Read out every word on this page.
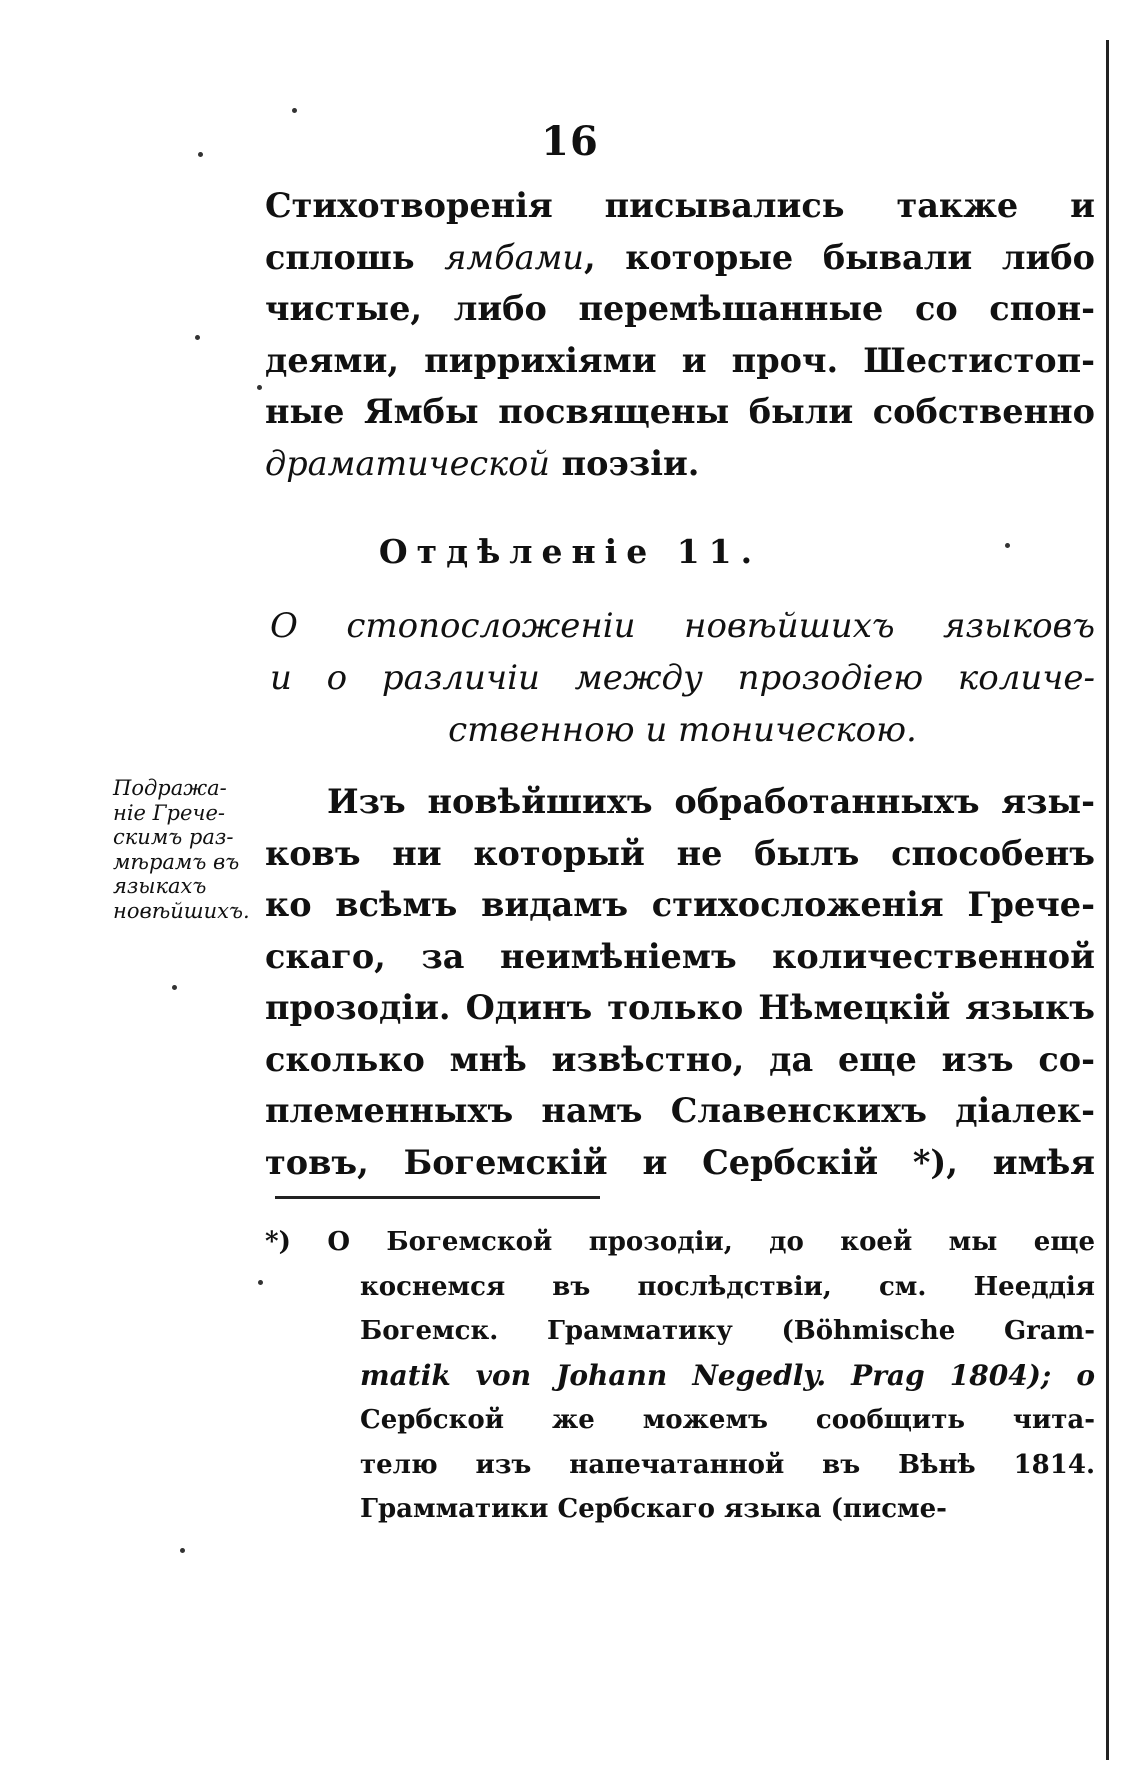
16
Стихотворенія писывались также и
сплошь ямбами, которые бывали либо
чистые, либо перемѣшанные со спон-
деями, пиррихіями и проч. Шестистоп-
ные Ямбы посвящены были собственно
драматической поэзіи.
Отдѣленіе 11.
О стопосложеніи новѣйшихъ языковъ
и о различіи между прозодіею количе-
ственною и тоническою.
Подража-
ніе Грече-
скимъ раз-
мѣрамъ въ
языкахъ
новѣйшихъ.
Изъ новѣйшихъ обработанныхъ язы-
ковъ ни который не былъ способенъ
ко всѣмъ видамъ стихосложенія Грече-
скаго, за неимѣніемъ количественной
прозодіи. Одинъ только Нѣмецкій языкъ
сколько мнѣ извѣстно, да еще изъ со-
племенныхъ намъ Славенскихъ діалек-
товъ, Богемскій и Сербскій *), имѣя
*) О Богемской прозодіи, до коей мы еще
коснемся въ послѣдствіи, см. Нееддія
Богемск. Грамматику (Böhmische Gram-
matik von Johann Negedly. Prag 1804); о
Сербской же можемъ сообщить чита-
телю изъ напечатанной въ Вѣнѣ 1814.
Грамматики Сербскаго языка (писме-
